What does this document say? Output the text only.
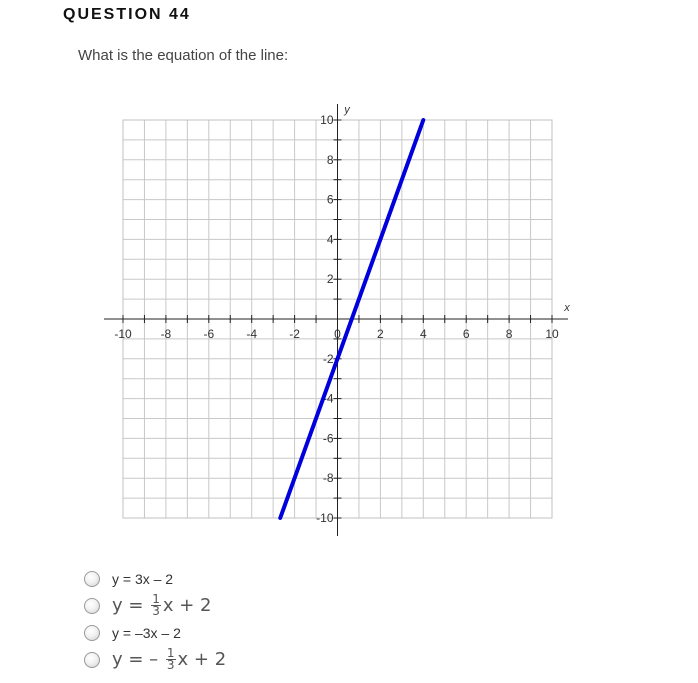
QUESTION 44
What is the equation of the line:
-10 -8	-6	-4	-2	0	2	4	6	8	10
10
8
6
4
2
-2
-4
-6
-8
-10
x
y
y = 3x – 2
$y = \frac{1}{3}$ x + 2
y = –3x – 2
y = – $\frac{1}{3}$ x + 2
